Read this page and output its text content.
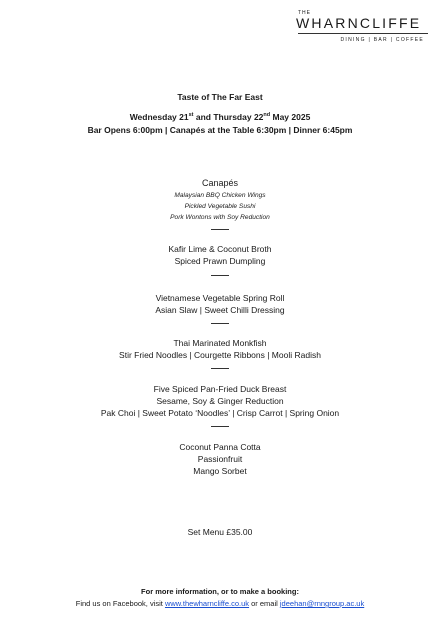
THE
WHARNCLIFFE
DINING | BAR | COFFEE
Taste of The Far East
Wednesday 21st and Thursday 22nd May 2025
Bar Opens 6:00pm | Canapés at the Table 6:30pm | Dinner 6:45pm
Canapés
Malaysian BBQ Chicken Wings
Pickled Vegetable Sushi
Pork Wontons with Soy Reduction
Kafir Lime & Coconut Broth
Spiced Prawn Dumpling
Vietnamese Vegetable Spring Roll
Asian Slaw | Sweet Chilli Dressing
Thai Marinated Monkfish
Stir Fried Noodles | Courgette Ribbons | Mooli Radish
Five Spiced Pan-Fried Duck Breast
Sesame, Soy & Ginger Reduction
Pak Choi | Sweet Potato ‘Noodles’ | Crisp Carrot | Spring Onion
Coconut Panna Cotta
Passionfruit
Mango Sorbet
Set Menu £35.00
For more information, or to make a booking:
Find us on Facebook, visit www.thewharncliffe.co.uk or email jdeehan@rnngroup.ac.uk
